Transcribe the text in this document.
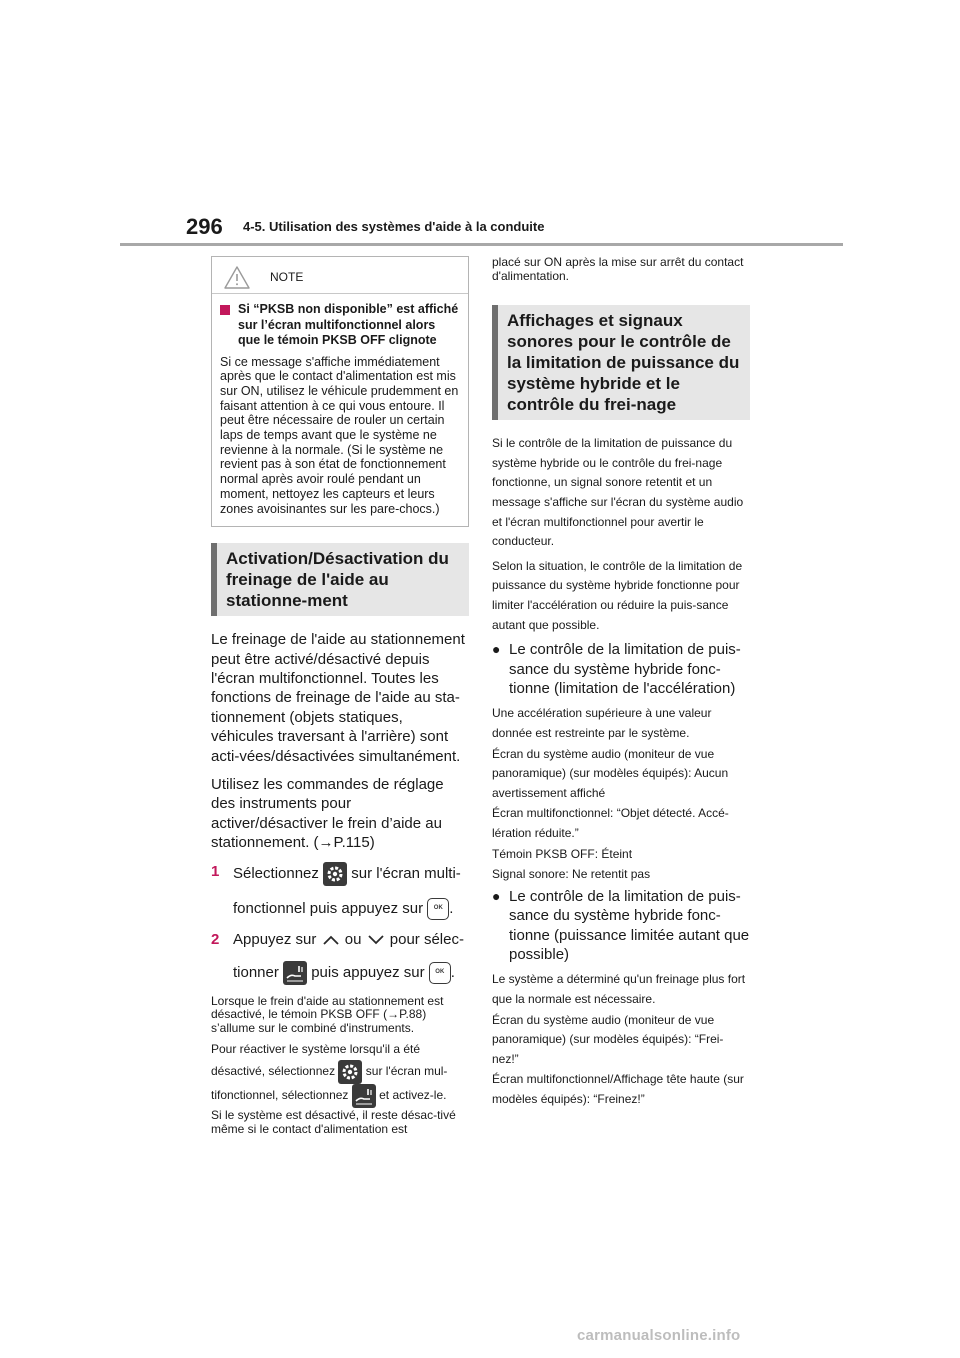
296 4-5. Utilisation des systèmes d'aide à la conduite
NOTE
Si “PKSB non disponible” est affiché sur l’écran multifonctionnel alors que le témoin PKSB OFF clignote
Si ce message s'affiche immédiatement après que le contact d'alimentation est mis sur ON, utilisez le véhicule prudemment en faisant attention à ce qui vous entoure. Il peut être nécessaire de rouler un certain laps de temps avant que le système ne revienne à la normale. (Si le système ne revient pas à son état de fonctionnement normal après avoir roulé pendant un moment, nettoyez les capteurs et leurs zones avoisinantes sur les pare-chocs.)
Activation/Désactivation du freinage de l'aide au stationne-ment

Le freinage de l'aide au stationnement peut être activé/désactivé depuis l'écran multifonctionnel. Toutes les fonctions de freinage de l'aide au sta-tionnement (objets statiques, véhicules traversant à l'arrière) sont acti-vées/désactivées simultanément.

Utilisez les commandes de réglage des instruments pour activer/désactiver le frein d’aide au stationnement. (→P.115)

1 Sélectionnez sur l'écran multi-
fonctionnel puis appuyez sur OK .
2 Appuyez sur ou pour sélec-
tionner puis appuyez sur OK .

Lorsque le frein d'aide au stationnement est désactivé, le témoin PKSB OFF (→P.88) s’allume sur le combiné d'instruments.

Pour réactiver le système lorsqu'il a été
désactivé, sélectionnez	sur l'écran mul-
tifonctionnel, sélectionnez	et activez-le.

Si le système est désactivé, il reste désac-tivé même si le contact d'alimentation est

placé sur ON après la mise sur arrêt du contact d'alimentation.

Affichages et signaux sonores pour le contrôle de la limitation de puissance du système hybride et le contrôle du frei-nage

Si le contrôle de la limitation de puissance du système hybride ou le contrôle du frei-nage fonctionne, un signal sonore retentit et un message s'affiche sur l'écran du système audio et l'écran multifonctionnel pour avertir le conducteur.

Selon la situation, le contrôle de la limitation de puissance du système hybride fonctionne pour limiter l'accélération ou réduire la puis-sance autant que possible.

● Le contrôle de la limitation de puis-sance du système hybride fonc-tionne (limitation de l'accélération)

Une accélération supérieure à une valeur donnée est restreinte par le système.

Écran du système audio (moniteur de vue panoramique) (sur modèles équipés): Aucun avertissement affiché

Écran multifonctionnel: “Objet détecté. Accé-lération réduite.”

Témoin PKSB OFF: Éteint

Signal sonore: Ne retentit pas

● Le contrôle de la limitation de puis-sance du système hybride fonc-tionne (puissance limitée autant que possible)

Le système a déterminé qu'un freinage plus fort que la normale est nécessaire.

Écran du système audio (moniteur de vue panoramique) (sur modèles équipés): “Frei-nez!”

Écran multifonctionnel/Affichage tête haute (sur modèles équipés): “Freinez!”

carmanualsonline.info
